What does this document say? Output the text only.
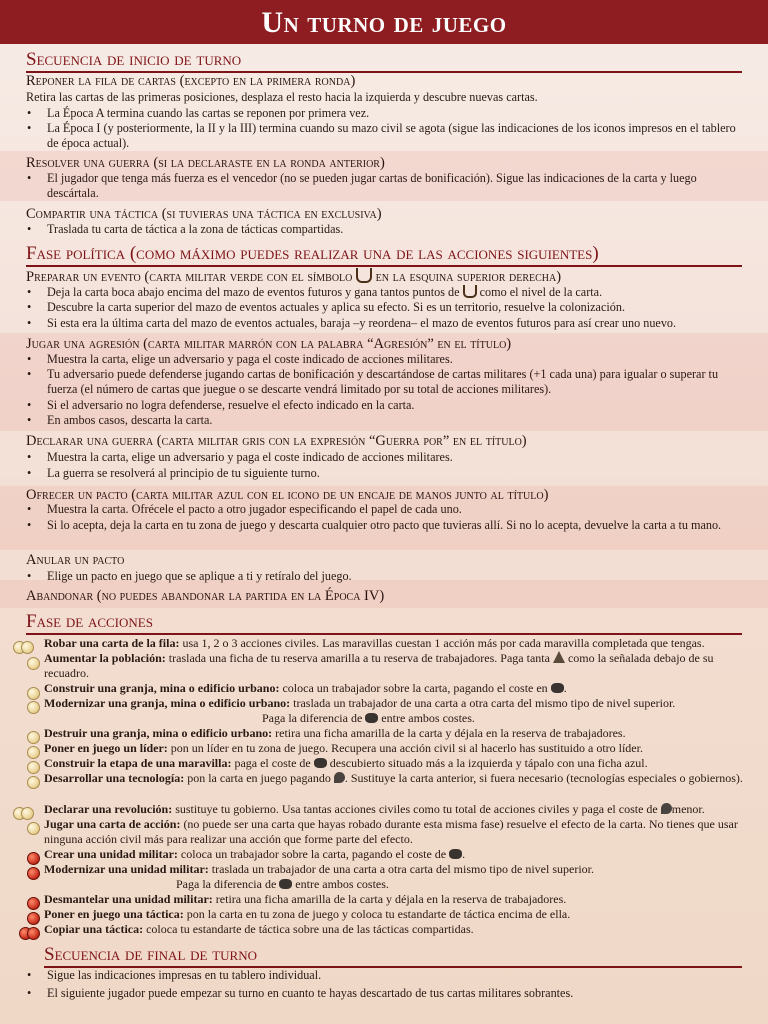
Un turno de juego
Secuencia de inicio de turno
Reponer la fila de cartas (excepto en la primera ronda)
Retira las cartas de las primeras posiciones, desplaza el resto hacia la izquierda y descubre nuevas cartas.
• La Época A termina cuando las cartas se reponen por primera vez.
• La Época I (y posteriormente, la II y la III) termina cuando su mazo civil se agota (sigue las indicaciones de los iconos impresos en el tablero de época actual).
Resolver una guerra (si la declaraste en la ronda anterior)
• El jugador que tenga más fuerza es el vencedor (no se pueden jugar cartas de bonificación). Sigue las indicaciones de la carta y luego descártala.
Compartir una táctica (si tuvieras una táctica en exclusiva)
• Traslada tu carta de táctica a la zona de tácticas compartidas.
Fase política (como máximo puedes realizar una de las acciones siguientes)
Preparar un evento (carta militar verde con el símbolo en la esquina superior derecha)
• Deja la carta boca abajo encima del mazo de eventos futuros y gana tantos puntos de como el nivel de la carta.
• Descubre la carta superior del mazo de eventos actuales y aplica su efecto. Si es un territorio, resuelve la colonización.
• Si esta era la última carta del mazo de eventos actuales, baraja –y reordena– el mazo de eventos futuros para así crear uno nuevo.
Jugar una agresión (carta militar marrón con la palabra “Agresión” en el título)
• Muestra la carta, elige un adversario y paga el coste indicado de acciones militares.
• Tu adversario puede defenderse jugando cartas de bonificación y descartándose de cartas militares (+1 cada una) para igualar o superar tu fuerza (el número de cartas que juegue o se descarte vendrá limitado por su total de acciones militares).
• Si el adversario no logra defenderse, resuelve el efecto indicado en la carta.
• En ambos casos, descarta la carta.
Declarar una guerra (carta militar gris con la expresión “Guerra por” en el título)
• Muestra la carta, elige un adversario y paga el coste indicado de acciones militares.
• La guerra se resolverá al principio de tu siguiente turno.
Ofrecer un pacto (carta militar azul con el icono de un encaje de manos junto al título)
• Muestra la carta. Ofrécele el pacto a otro jugador especificando el papel de cada uno.
• Si lo acepta, deja la carta en tu zona de juego y descarta cualquier otro pacto que tuvieras allí. Si no lo acepta, devuelve la carta a tu mano.
Anular un pacto
• Elige un pacto en juego que se aplique a ti y retíralo del juego.
Abandonar (no puedes abandonar la partida en la Época IV)
Fase de acciones
Robar una carta de la fila: usa 1, 2 o 3 acciones civiles. Las maravillas cuestan 1 acción más por cada maravilla completada que tengas.
Aumentar la población: traslada una ficha de tu reserva amarilla a tu reserva de trabajadores. Paga tanta como la señalada debajo de su recuadro.
Construir una granja, mina o edificio urbano: coloca un trabajador sobre la carta, pagando el coste en .
Modernizar una granja, mina o edificio urbano: traslada un trabajador de una carta a otra carta del mismo tipo de nivel superior.
Paga la diferencia de entre ambos costes.
Destruir una granja, mina o edificio urbano: retira una ficha amarilla de la carta y déjala en la reserva de trabajadores.
Poner en juego un líder: pon un líder en tu zona de juego. Recupera una acción civil si al hacerlo has sustituido a otro líder.
Construir la etapa de una maravilla: paga el coste de descubierto situado más a la izquierda y tápalo con una ficha azul.
Desarrollar una tecnología: pon la carta en juego pagando . Sustituye la carta anterior, si fuera necesario (tecnologías especiales o gobiernos).
Declarar una revolución: sustituye tu gobierno. Usa tantas acciones civiles como tu total de acciones civiles y paga el coste de menor.
Jugar una carta de acción: (no puede ser una carta que hayas robado durante esta misma fase) resuelve el efecto de la carta. No tienes que usar ninguna acción civil más para realizar una acción que forme parte del efecto.
Crear una unidad militar: coloca un trabajador sobre la carta, pagando el coste de .
Modernizar una unidad militar: traslada un trabajador de una carta a otra carta del mismo tipo de nivel superior.
Paga la diferencia de entre ambos costes.
Desmantelar una unidad militar: retira una ficha amarilla de la carta y déjala en la reserva de trabajadores.
Poner en juego una táctica: pon la carta en tu zona de juego y coloca tu estandarte de táctica encima de ella.
Copiar una táctica: coloca tu estandarte de táctica sobre una de las tácticas compartidas.
Secuencia de final de turno
• Sigue las indicaciones impresas en tu tablero individual.
• El siguiente jugador puede empezar su turno en cuanto te hayas descartado de tus cartas militares sobrantes.
